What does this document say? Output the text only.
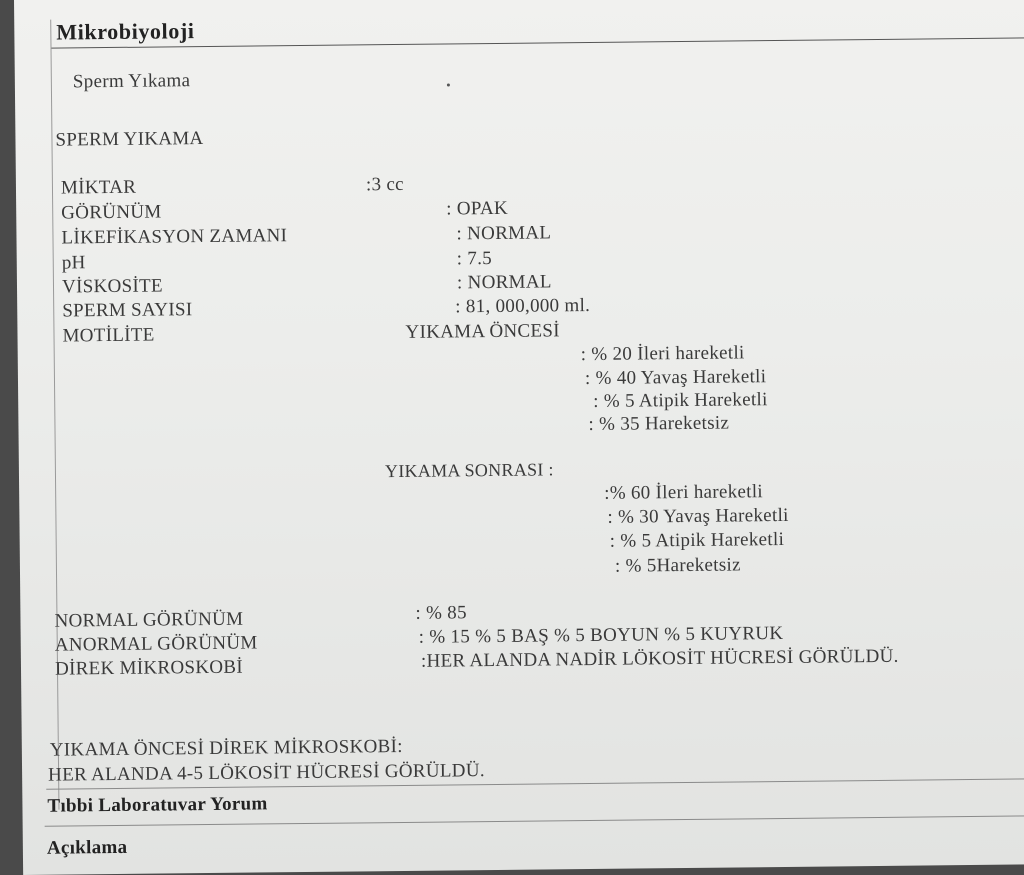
Mikrobiyoloji
Sperm Yıkama
SPERM YIKAMA
MİKTAR	:3 cc
GÖRÜNÜM	: OPAK
LİKEFİKASYON ZAMANI	: NORMAL
pH	: 7.5
VİSKOSİTE	: NORMAL
SPERM SAYISI	: 81, 000,000 ml.
MOTİLİTE	YIKAMA ÖNCESİ
: % 20 İleri hareketli
: % 40 Yavaş Hareketli
: % 5 Atipik Hareketli
: % 35 Hareketsiz
YIKAMA SONRASI :
:% 60 İleri hareketli
: % 30 Yavaş Hareketli
: % 5 Atipik Hareketli
: % 5Hareketsiz
NORMAL GÖRÜNÜM	: % 85
ANORMAL GÖRÜNÜM	: % 15 % 5 BAŞ % 5 BOYUN % 5 KUYRUK
DİREK MİKROSKOBİ	:HER ALANDA NADİR LÖKOSİT HÜCRESİ GÖRÜLDÜ.
YIKAMA ÖNCESİ DİREK MİKROSKOBİ:
HER ALANDA 4-5 LÖKOSİT HÜCRESİ GÖRÜLDÜ.
Tıbbi Laboratuvar Yorum
Açıklama
